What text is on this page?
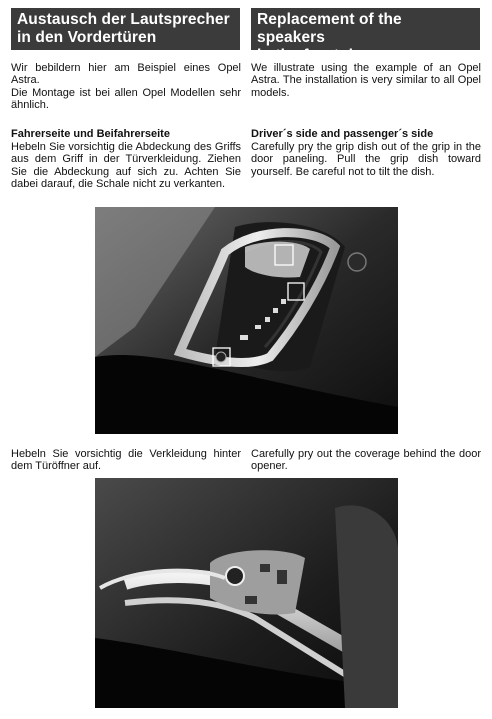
Austausch der Lautsprecher
in den Vordertüren
Replacement of the speakers
in the front doors
Wir bebildern hier am Beispiel eines Opel Astra.
Die Montage ist bei allen Opel Modellen sehr ähnlich.
We illustrate using the example of an Opel Astra. The installation is very similar to all Opel models.
Fahrerseite und Beifahrerseite
Hebeln Sie vorsichtig die Abdeckung des Griffs aus dem Griff in der Türverkleidung. Ziehen Sie die Abdeckung auf sich zu. Achten Sie dabei darauf, die Schale nicht zu verkanten.
Driver´s side and passenger´s side
Carefully pry the grip dish out of the grip in the door paneling. Pull the grip dish toward yourself. Be careful not to tilt the dish.
Hebeln Sie vorsichtig die Verkleidung hinter dem Türöffner auf.
Carefully pry out the coverage behind the door opener.
